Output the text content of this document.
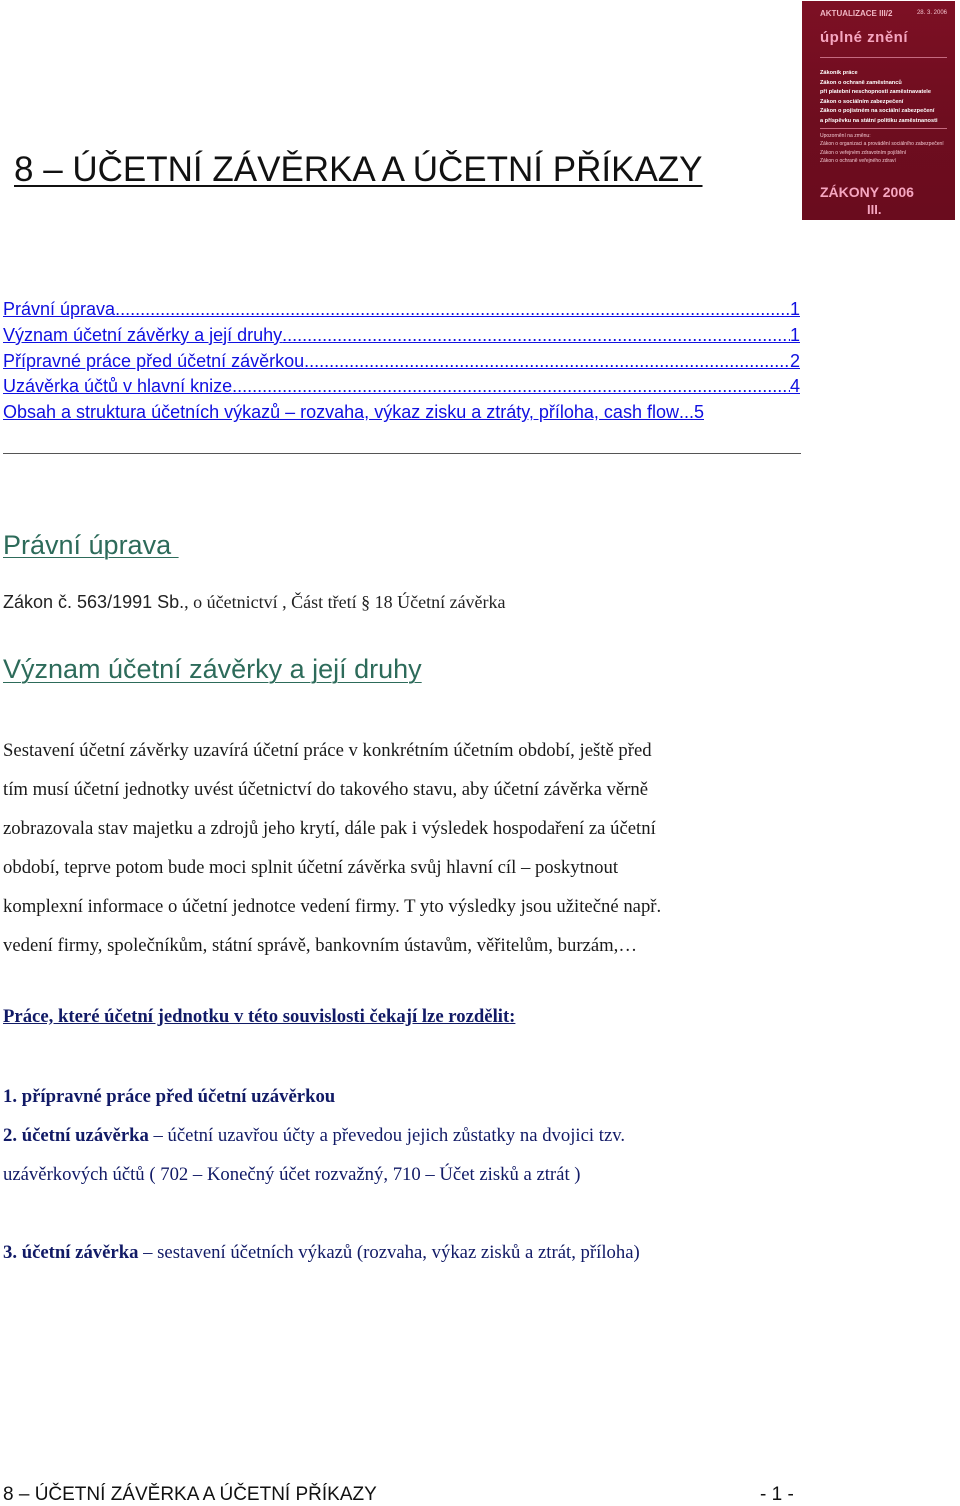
8 – ÚČETNÍ ZÁVĚRKA A ÚČETNÍ PŘÍKAZY
AKTUALIZACE III/2	28. 3. 2006
úplné znění
Zákoník práce
Zákon o ochraně zaměstnanců
při platební neschopnosti zaměstnavatele
Zákon o sociálním zabezpečení
Zákon o pojistném na sociální zabezpečení
a příspěvku na státní politiku zaměstnanosti
Upozornění na změnu:
Zákon o organizaci a provádění sociálního zabezpečení
Zákon o veřejném zdravotním pojištění
Zákon o ochraně veřejného zdraví
ZÁKONY 2006
III.
Právní úprava .....	1
Význam účetní závěrky a její druhy .....	1
Přípravné práce před účetní závěrkou .....	2
Uzávěrka účtů v hlavní knize .....	4
Obsah a struktura účetních výkazů – rozvaha, výkaz zisku a ztráty, příloha, cash flow ... 5
Právní úprava
Zákon č. 563/1991 Sb., o účetnictví , Část třetí § 18 Účetní závěrka
Význam účetní závěrky a její druhy

Sestavení účetní závěrky uzavírá účetní práce v konkrétním účetním období, ještě před
tím musí účetní jednotky uvést účetnictví do takového stavu, aby účetní závěrka věrně
zobrazovala stav majetku a zdrojů jeho krytí, dále pak i výsledek hospodaření za účetní
období, teprve potom bude moci splnit účetní závěrka svůj hlavní cíl – poskytnout
komplexní informace o účetní jednotce vedení firmy. T yto výsledky jsou užitečné např.
vedení firmy, společníkům, státní správě, bankovním ústavům, věřitelům, burzám,…

Práce, které účetní jednotku v této souvislosti čekají lze rozdělit:

1. přípravné práce před účetní uzávěrkou
2. účetní uzávěrka – účetní uzavřou účty a převedou jejich zůstatky na dvojici tzv.
uzávěrkových účtů ( 702 – Konečný účet rozvažný, 710 – Účet zisků a ztrát )
3. účetní závěrka – sestavení účetních výkazů (rozvaha, výkaz zisků a ztrát, příloha)
8 – ÚČETNÍ ZÁVĚRKA A ÚČETNÍ PŘÍKAZY	- 1 -
